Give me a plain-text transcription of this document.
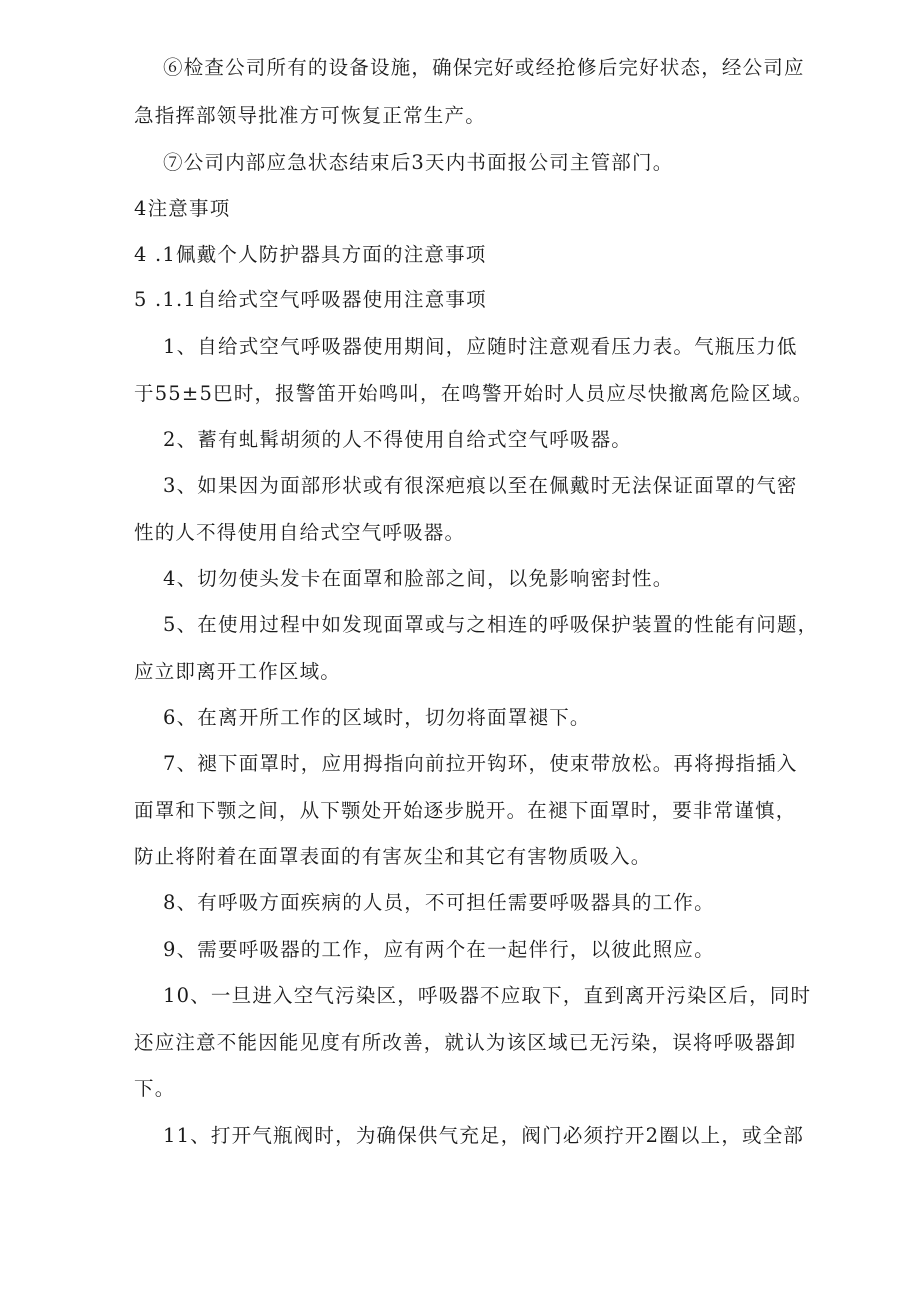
⑥检查公司所有的设备设施，确保完好或经抢修后完好状态，经公司应
急指挥部领导批准方可恢复正常生产。
⑦公司内部应急状态结束后3天内书面报公司主管部门。
4注意事项
4 .1佩戴个人防护器具方面的注意事项
5 .1.1自给式空气呼吸器使用注意事项
1、自给式空气呼吸器使用期间，应随时注意观看压力表。气瓶压力低
于55±5巴时，报警笛开始鸣叫，在鸣警开始时人员应尽快撤离危险区域。
2、蓄有虬髯胡须的人不得使用自给式空气呼吸器。
3、如果因为面部形状或有很深疤痕以至在佩戴时无法保证面罩的气密
性的人不得使用自给式空气呼吸器。
4、切勿使头发卡在面罩和脸部之间，以免影响密封性。
5、在使用过程中如发现面罩或与之相连的呼吸保护装置的性能有问题，
应立即离开工作区域。
6、在离开所工作的区域时，切勿将面罩褪下。
7、褪下面罩时，应用拇指向前拉开钩环，使束带放松。再将拇指插入
面罩和下颚之间，从下颚处开始逐步脱开。在褪下面罩时，要非常谨慎，
防止将附着在面罩表面的有害灰尘和其它有害物质吸入。
8、有呼吸方面疾病的人员，不可担任需要呼吸器具的工作。
9、需要呼吸器的工作，应有两个在一起伴行，以彼此照应。
10、一旦进入空气污染区，呼吸器不应取下，直到离开污染区后，同时
还应注意不能因能见度有所改善，就认为该区域已无污染，误将呼吸器卸
下。
11、打开气瓶阀时，为确保供气充足，阀门必须拧开2圈以上，或全部
